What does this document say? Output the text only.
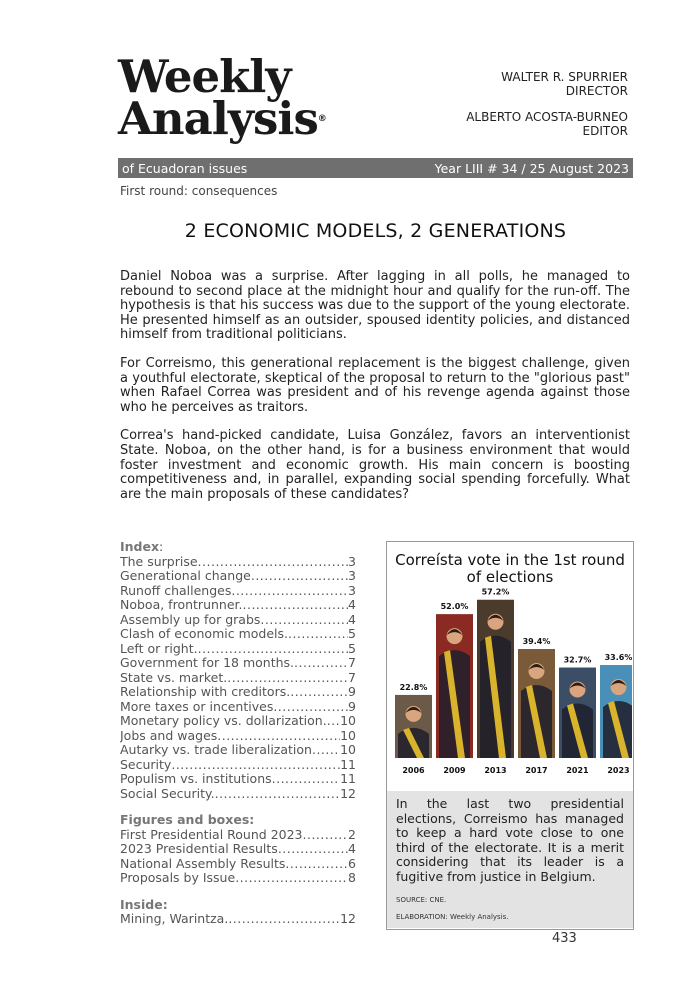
Weekly
Analysis®
WALTER R. SPURRIER
DIRECTOR
ALBERTO ACOSTA-BURNEO
EDITOR
of Ecuadoran issues	Year LIII # 34 / 25 August 2023
First round: consequences
2 ECONOMIC MODELS, 2 GENERATIONS

Daniel Noboa was a surprise. After lagging in all polls, he managed to rebound to second place at the midnight hour and qualify for the run-off. The hypothesis is that his success was due to the support of the young electorate. He presented himself as an outsider, spoused identity policies, and distanced himself from traditional politicians.

For Correismo, this generational replacement is the biggest challenge, given a youthful electorate, skeptical of the proposal to return to the "glorious past" when Rafael Correa was president and of his revenge agenda against those who he perceives as traitors.

Correa's hand-picked candidate, Luisa González, favors an interventionist State. Noboa, on the other hand, is for a business environment that would foster investment and economic growth. His main concern is boosting competitiveness and, in parallel, expanding social spending forcefully. What are the main proposals of these candidates?

Index:
The surprise .....	3
Generational change .....	3
Runoff challenges .....	3
Noboa, frontrunner. .....	4
Assembly up for grabs .....	4
Clash of economic models. .....	5
Left or right. .....	5
Government for 18 months. .....	7
State vs. market. .....	7
Relationship with creditors. .....	9
More taxes or incentives .....	9
Monetary policy vs. dollarization. ..... 10
Jobs and wages .....	10
Autarky vs. trade liberalization ..... 10
Security .....	11
Populism vs. institutions .....	11
Social Security. .....	12
Figures and boxes:
First Presidential Round 2023 .....	2
2023 Presidential Results .....	4
National Assembly Results .....	6
Proposals by Issue .....	8
Inside:
Mining, Warintza. .....	12
Correísta vote in the 1st round of elections
22.8%
2006
52.0%
2009
57.2%
2013
39.4%
2017
32.7%
2021
33.6%
2023
In the last two presidential elections, Correismo has managed to keep a hard vote close to one third of the electorate. It is a merit considering that its leader is a fugitive from justice in Belgium.
SOURCE: CNE.
ELABORATION: Weekly Analysis.
433
